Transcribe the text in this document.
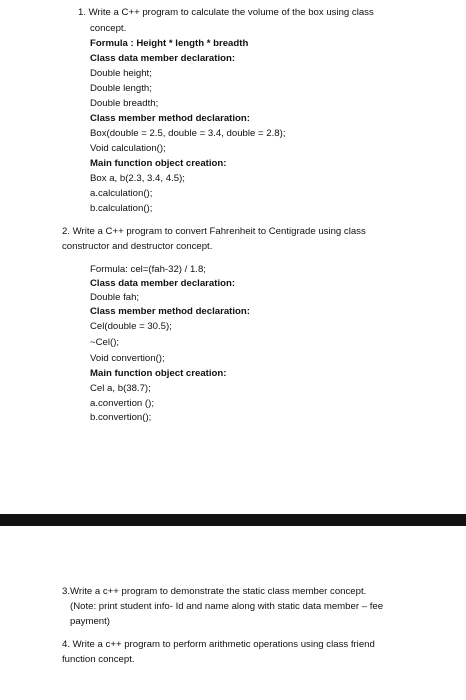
1. Write a C++ program to calculate the volume of the box using class
concept.
Formula : Height * length * breadth
Class data member declaration:
Double height;
Double length;
Double breadth;
Class member method declaration:
Box(double = 2.5, double = 3.4, double = 2.8);
Void calculation();
Main function object creation:
Box a, b(2.3, 3.4, 4.5);
a.calculation();
b.calculation();
2. Write a C++ program to convert Fahrenheit to Centigrade using class
constructor and destructor concept.
Formula: cel=(fah-32) / 1.8;
Class data member declaration:
Double fah;
Class member method declaration:
Cel(double = 30.5);
~Cel();
Void convertion();
Main function object creation:
Cel a, b(38.7);
a.convertion ();
b.convertion();
3.Write a c++ program to demonstrate the static class member concept.
(Note: print student info- Id and name along with static data member – fee
payment)
4. Write a c++ program to perform arithmetic operations using class friend
function concept.
